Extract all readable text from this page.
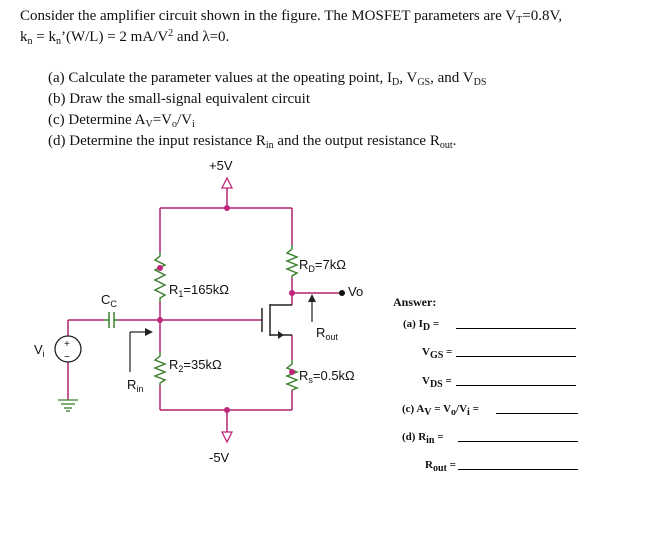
Consider the amplifier circuit shown in the figure. The MOSFET parameters are $V_T=0.8V$,

$k_n$ = $k_n’(W/L) = 2$ $mA/V^2$ and λ=0.

(a) Calculate the parameter values at the opeating point, $I_D$, $V_{GS}$, and $V_{DS}$

(b) Draw the small-signal equivalent circuit

(c) Determine $A_V=V_o/V_i$

(d) Determine the input resistance $R_{in}$ and the output resistance $R_{out}$.

+
−
+5V
-5V
$C_C$
$R_1=165k\Omega$
$R_2=35k\Omega$
$R_D=7k\Omega$
$R_s=0.5k\Omega$
Vo
$V_i$
$R_{in}$
$R_{out}$
Answer:
(a) $I_D$ =
$V_{GS}$ =
$V_{DS}$ =
(c) $A_V = V_o/V_i$ =
(d) $R_{in}$ =
$R_{out}$ =
